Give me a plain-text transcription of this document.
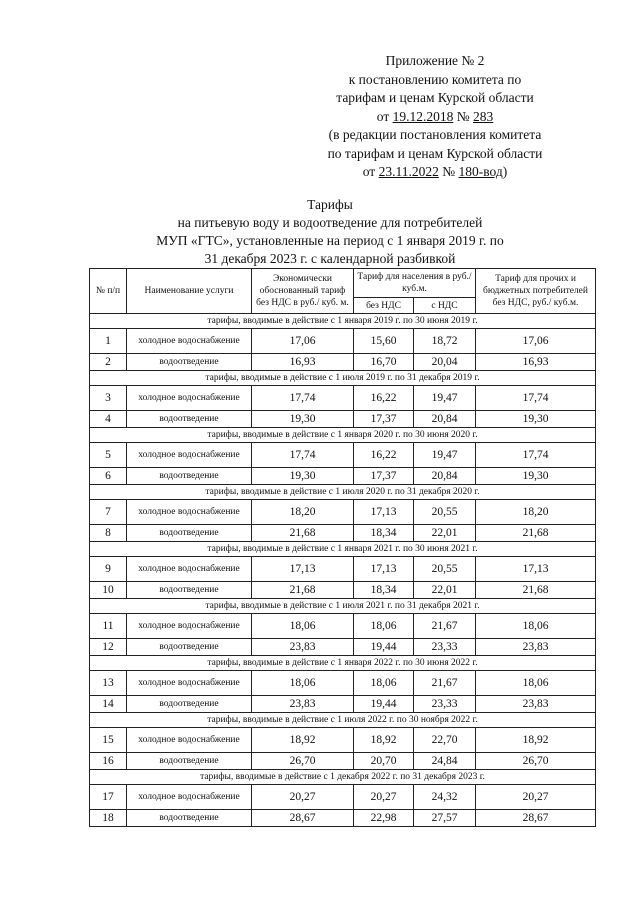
Приложение № 2
к постановлению комитета по
тарифам и ценам Курской области
от 19.12.2018 № 283
(в редакции постановления комитета
по тарифам и ценам Курской области
от 23.11.2022 № 180-вод)
Тарифы
на питьевую воду и водоотведение для потребителей
МУП «ГТС», установленные на период с 1 января 2019 г. по
31 декабря 2023 г. с календарной разбивкой
№ п/п	Наименование услуги	Экономически обоснованный тариф без НДС в руб./ куб. м.	Тариф для населения в руб./ куб.м.		Тариф для прочих и бюджетных потребителей без НДС, руб./ куб.м.
			без НДС	с НДС	
тарифы, вводимые в действие с 1 января 2019 г. по 30 июня 2019 г.					
1	холодное водоснабжение	17,06	15,60	18,72	17,06
2	водоотведение	16,93	16,70	20,04	16,93
тарифы, вводимые в действие с 1 июля 2019 г. по 31 декабря 2019 г.					
3	холодное водоснабжение	17,74	16,22	19,47	17,74
4	водоотведение	19,30	17,37	20,84	19,30
тарифы, вводимые в действие с 1 января 2020 г. по 30 июня 2020 г.					
5	холодное водоснабжение	17,74	16,22	19,47	17,74
6	водоотведение	19,30	17,37	20,84	19,30
тарифы, вводимые в действие с 1 июля 2020 г. по 31 декабря 2020 г.					
7	холодное водоснабжение	18,20	17,13	20,55	18,20
8	водоотведение	21,68	18,34	22,01	21,68
тарифы, вводимые в действие с 1 января 2021 г. по 30 июня 2021 г.					
9	холодное водоснабжение	17,13	17,13	20,55	17,13
10	водоотведение	21,68	18,34	22,01	21,68
тарифы, вводимые в действие с 1 июля 2021 г. по 31 декабря 2021 г.					
11	холодное водоснабжение	18,06	18,06	21,67	18,06
12	водоотведение	23,83	19,44	23,33	23,83
тарифы, вводимые в действие с 1 января 2022 г. по 30 июня 2022 г.					
13	холодное водоснабжение	18,06	18,06	21,67	18,06
14	водоотведение	23,83	19,44	23,33	23,83
тарифы, вводимые в действие с 1 июля 2022 г. по 30 ноября 2022 г.					
15	холодное водоснабжение	18,92	18,92	22,70	18,92
16	водоотведение	26,70	20,70	24,84	26,70
тарифы, вводимые в действие с 1 декабря 2022 г. по 31 декабря 2023 г.					
17	холодное водоснабжение	20,27	20,27	24,32	20,27
18	водоотведение	28,67	22,98	27,57	28,67
